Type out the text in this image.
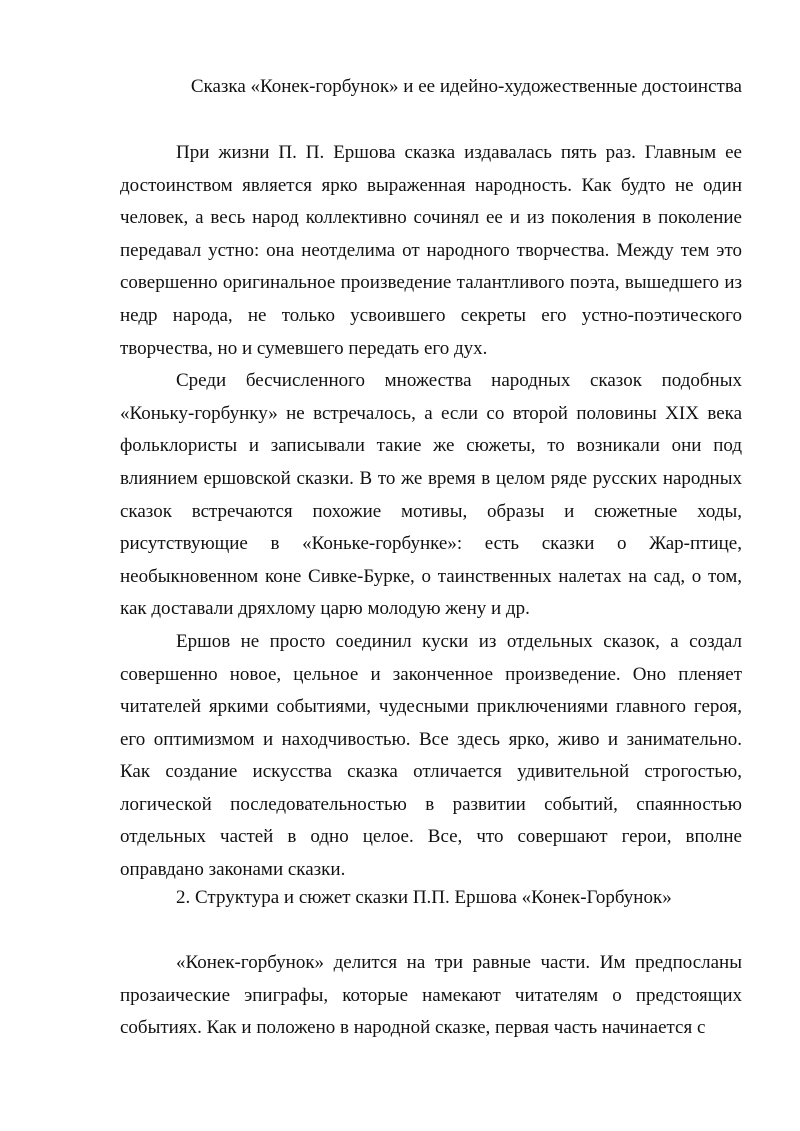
Сказка «Конек-горбунок» и ее идейно-художественные достоинства

При жизни П. П. Ершова сказка издавалась пять раз. Главным ее достоинством является ярко выраженная народность. Как будто не один человек, а весь народ коллективно сочинял ее и из поколения в поколение передавал устно: она неотделима от народного творчества. Между тем это совершенно оригинальное произведение талантливого поэта, вышедшего из недр народа, не только усвоившего секреты его устно-поэтического творчества, но и сумевшего передать его дух.

Среди бесчисленного множества народных сказок подобных «Коньку-горбунку» не встречалось, а если со второй половины XIX века фольклористы и записывали такие же сюжеты, то возникали они под влиянием ершовской сказки. В то же время в целом ряде русских народных сказок встречаются похожие мотивы, образы и сюжетные ходы, рисутствующие в «Коньке-горбунке»: есть сказки о Жар-птице, необыкновенном коне Сивке-Бурке, о таинственных налетах на сад, о том, как доставали дряхлому царю молодую жену и др.

Ершов не просто соединил куски из отдельных сказок, а создал совершенно новое, цельное и законченное произведение. Оно пленяет читателей яркими событиями, чудесными приключениями главного героя, его оптимизмом и находчивостью. Все здесь ярко, живо и занимательно. Как создание искусства сказка отличается удивительной строгостью, логической последовательностью в развитии событий, спаянностью отдельных частей в одно целое. Все, что совершают герои, вполне оправдано законами сказки.

2. Структура и сюжет сказки П.П. Ершова «Конек-Горбунок»

«Конек-горбунок» делится на три равные части. Им предпосланы прозаические эпиграфы, которые намекают читателям о предстоящих событиях. Как и положено в народной сказке, первая часть начинается с
